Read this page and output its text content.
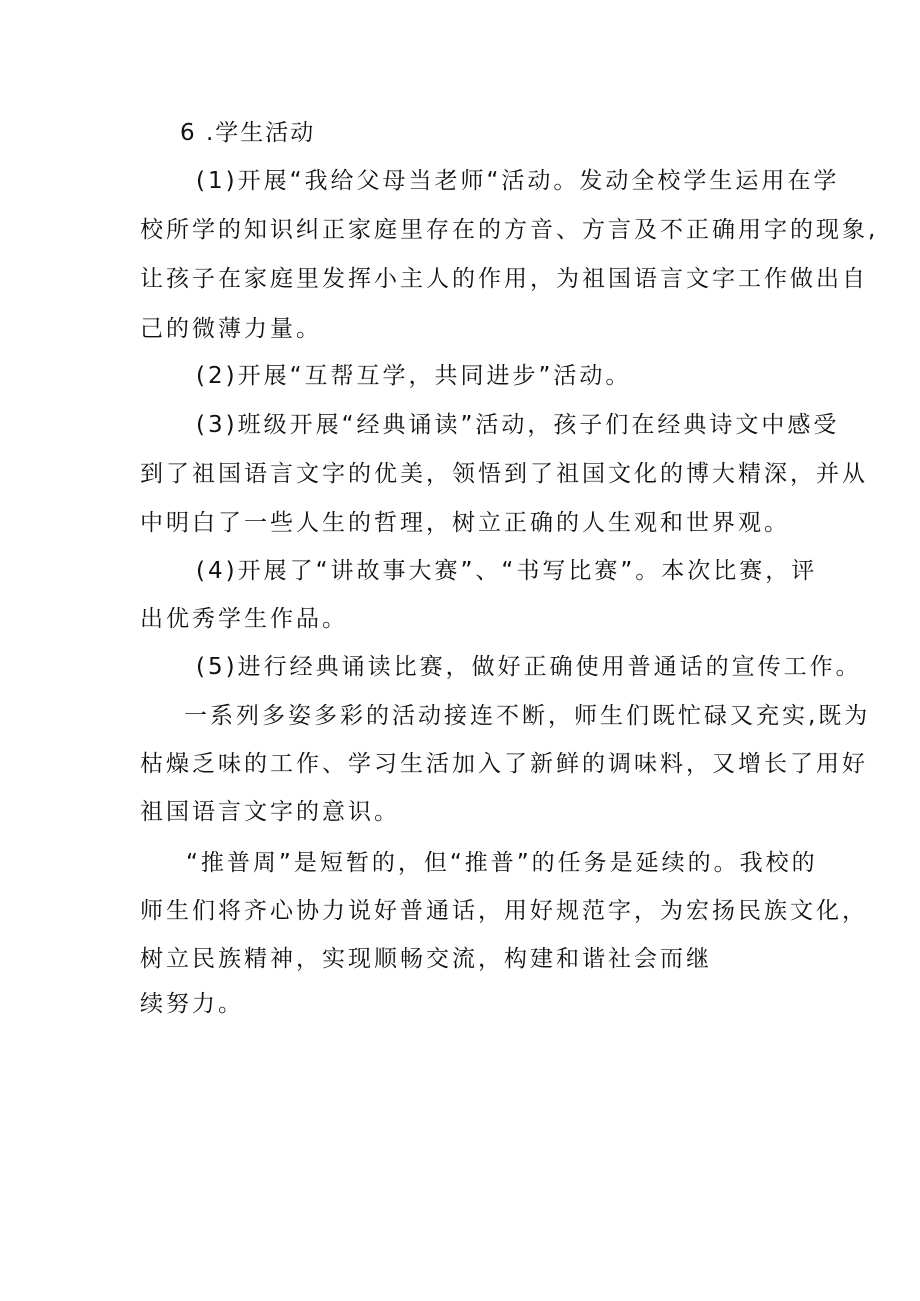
6 .学生活动
(1)开展“我给父母当老师“活动。发动全校学生运用在学
校所学的知识纠正家庭里存在的方音、方言及不正确用字的现象,
让孩子在家庭里发挥小主人的作用，为祖国语言文字工作做出自
己的微薄力量。
(2)开展“互帮互学，共同进步”活动。
(3)班级开展“经典诵读”活动，孩子们在经典诗文中感受
到了祖国语言文字的优美，领悟到了祖国文化的博大精深，并从
中明白了一些人生的哲理，树立正确的人生观和世界观。
(4)开展了“讲故事大赛”、“书写比赛”。本次比赛，评
出优秀学生作品。
(5)进行经典诵读比赛，做好正确使用普通话的宣传工作。
一系列多姿多彩的活动接连不断，师生们既忙碌又充实,既为
枯燥乏味的工作、学习生活加入了新鲜的调味料，又增长了用好
祖国语言文字的意识。
“推普周”是短暂的，但“推普”的任务是延续的。我校的
师生们将齐心协力说好普通话，用好规范字，为宏扬民族文化，
树立民族精神，实现顺畅交流，构建和谐社会而继
续努力。
